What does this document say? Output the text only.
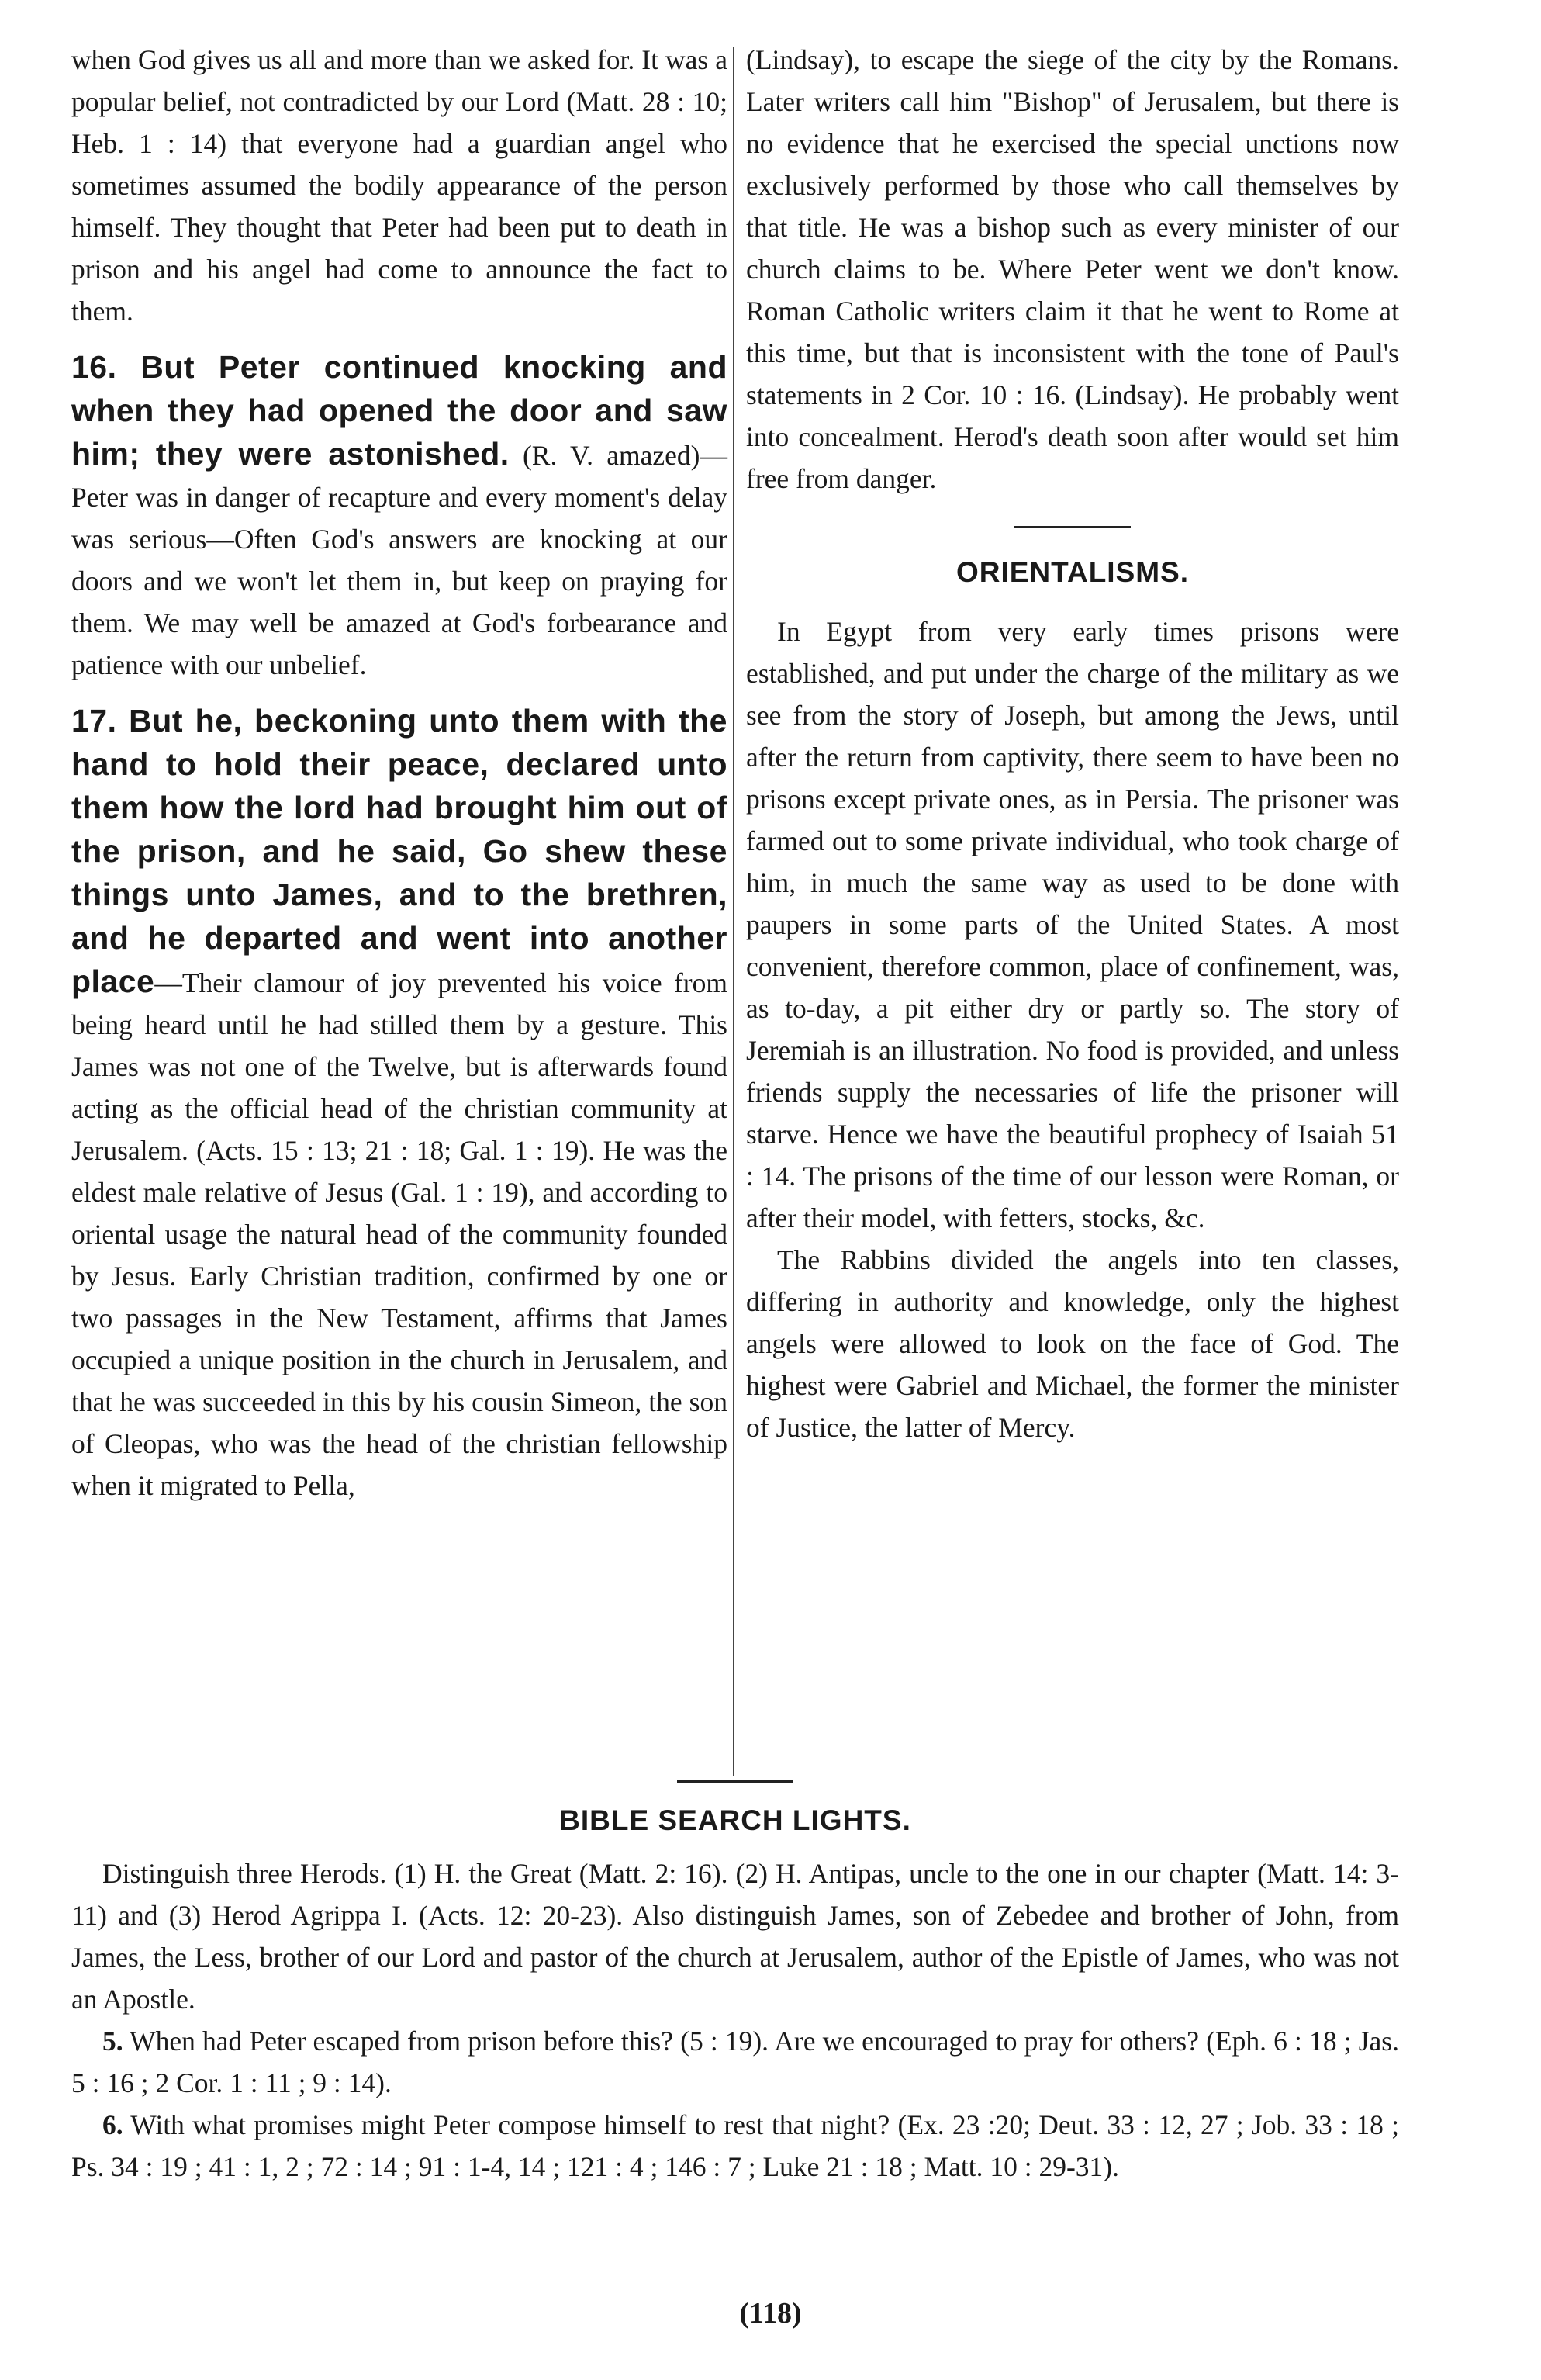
when God gives us all and more than we asked for. It was a popular belief, not contradicted by our Lord (Matt. 28 : 10; Heb. 1 : 14) that everyone had a guardian angel who sometimes assumed the bodily appearance of the person himself. They thought that Peter had been put to death in prison and his angel had come to announce the fact to them.

16. But Peter continued knocking and when they had opened the door and saw him; they were astonished. (R. V. amazed)—Peter was in danger of recapture and every moment's delay was serious—Often God's answers are knocking at our doors and we won't let them in, but keep on praying for them. We may well be amazed at God's forbearance and patience with our unbelief.

17. But he, beckoning unto them with the hand to hold their peace, declared unto them how the lord had brought him out of the prison, and he said, Go shew these things unto James, and to the brethren, and he departed and went into another place—Their clamour of joy prevented his voice from being heard until he had stilled them by a gesture. This James was not one of the Twelve, but is afterwards found acting as the official head of the christian community at Jerusalem. (Acts. 15 : 13; 21 : 18; Gal. 1 : 19). He was the eldest male relative of Jesus (Gal. 1 : 19), and according to oriental usage the natural head of the community founded by Jesus. Early Christian tradition, confirmed by one or two passages in the New Testament, affirms that James occupied a unique position in the church in Jerusalem, and that he was succeeded in this by his cousin Simeon, the son of Cleopas, who was the head of the christian fellowship when it migrated to Pella,

(Lindsay), to escape the siege of the city by the Romans. Later writers call him "Bishop" of Jerusalem, but there is no evidence that he exercised the special unctions now exclusively performed by those who call themselves by that title. He was a bishop such as every minister of our church claims to be. Where Peter went we don't know. Roman Catholic writers claim it that he went to Rome at this time, but that is inconsistent with the tone of Paul's statements in 2 Cor. 10 : 16. (Lindsay). He probably went into concealment. Herod's death soon after would set him free from danger.

ORIENTALISMS.

In Egypt from very early times prisons were established, and put under the charge of the military as we see from the story of Joseph, but among the Jews, until after the return from captivity, there seem to have been no prisons except private ones, as in Persia. The prisoner was farmed out to some private individual, who took charge of him, in much the same way as used to be done with paupers in some parts of the United States. A most convenient, therefore common, place of confinement, was, as to-day, a pit either dry or partly so. The story of Jeremiah is an illustration. No food is provided, and unless friends supply the necessaries of life the prisoner will starve. Hence we have the beautiful prophecy of Isaiah 51 : 14. The prisons of the time of our lesson were Roman, or after their model, with fetters, stocks, &c.

The Rabbins divided the angels into ten classes, differing in authority and knowledge, only the highest angels were allowed to look on the face of God. The highest were Gabriel and Michael, the former the minister of Justice, the latter of Mercy.

BIBLE SEARCH LIGHTS.

Distinguish three Herods. (1) H. the Great (Matt. 2: 16). (2) H. Antipas, uncle to the one in our chapter (Matt. 14: 3-11) and (3) Herod Agrippa I. (Acts. 12: 20-23). Also distinguish James, son of Zebedee and brother of John, from James, the Less, brother of our Lord and pastor of the church at Jerusalem, author of the Epistle of James, who was not an Apostle.

5. When had Peter escaped from prison before this? (5 : 19). Are we encouraged to pray for others? (Eph. 6 : 18 ; Jas. 5 : 16 ; 2 Cor. 1 : 11 ; 9 : 14).

6. With what promises might Peter compose himself to rest that night? (Ex. 23 :20; Deut. 33 : 12, 27 ; Job. 33 : 18 ; Ps. 34 : 19 ; 41 : 1, 2 ; 72 : 14 ; 91 : 1-4, 14 ; 121 : 4 ; 146 : 7 ; Luke 21 : 18 ; Matt. 10 : 29-31).

(118)
